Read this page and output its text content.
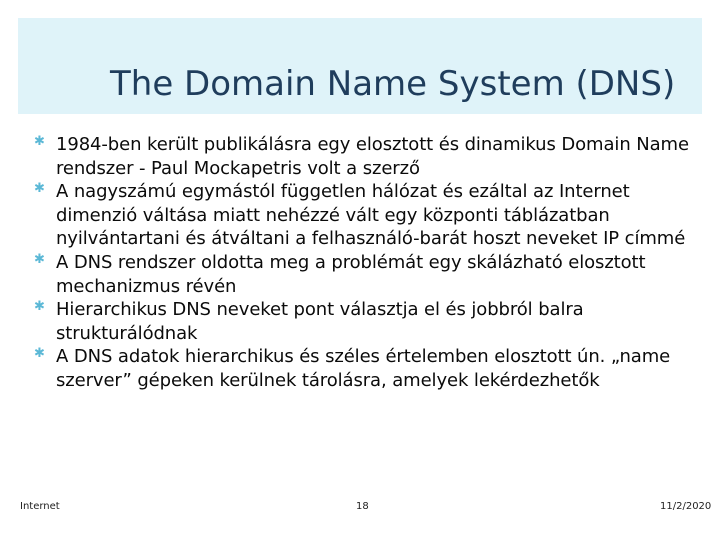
The Domain Name System (DNS)
✱ 1984-ben került publikálásra egy elosztott és dinamikus Domain Name rendszer - Paul Mockapetris volt a szerző
✱ A nagyszámú egymástól független hálózat és ezáltal az Internet dimenzió váltása miatt nehézzé vált egy központi táblázatban nyilvántartani és átváltani a felhasználó-barát hoszt neveket IP címmé
✱ A DNS rendszer oldotta meg a problémát egy skálázható elosztott mechanizmus révén
✱ Hierarchikus DNS neveket pont választja el és jobbról balra strukturálódnak
✱ A DNS adatok hierarchikus és széles értelemben elosztott ún. „name szerver” gépeken kerülnek tárolásra, amelyek lekérdezhetők
Internet	18	11/2/2020
